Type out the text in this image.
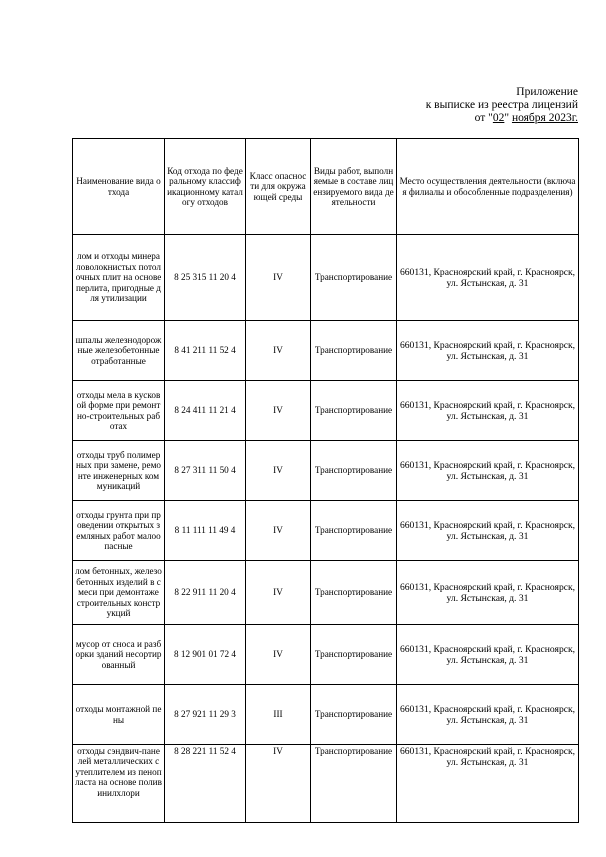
Приложение
к выписке из реестра лицензий
от "02" ноября 2023г.
Наименование вида отхода	Код отхода по федеральному классификационному каталогу отходов	Класс опасности для окружающей среды	Виды работ, выполняемые в составе лицензируемого вида деятельности	Место осуществления деятельности (включая филиалы и обособленные подразделения)
лом и отходы минераловолокнистых потолочных плит на основе перлита, пригодные для утилизации	8 25 315 11 20 4	IV	Транспортирование	660131, Красноярский край, г. Красноярск, ул. Ястынская, д. 31
шпалы железнодорожные железобетонные отработанные	8 41 211 11 52 4	IV	Транспортирование	660131, Красноярский край, г. Красноярск, ул. Ястынская, д. 31
отходы мела в кусковой форме при ремонтно-строительных работах	8 24 411 11 21 4	IV	Транспортирование	660131, Красноярский край, г. Красноярск, ул. Ястынская, д. 31
отходы труб полимерных при замене, ремонте инженерных коммуникаций	8 27 311 11 50 4	IV	Транспортирование	660131, Красноярский край, г. Красноярск, ул. Ястынская, д. 31
отходы грунта при проведении открытых земляных работ малоопасные	8 11 111 11 49 4	IV	Транспортирование	660131, Красноярский край, г. Красноярск, ул. Ястынская, д. 31
лом бетонных, железобетонных изделий в смеси при демонтаже строительных конструкций	8 22 911 11 20 4	IV	Транспортирование	660131, Красноярский край, г. Красноярск, ул. Ястынская, д. 31
мусор от сноса и разборки зданий несортированный	8 12 901 01 72 4	IV	Транспортирование	660131, Красноярский край, г. Красноярск, ул. Ястынская, д. 31
отходы монтажной пены	8 27 921 11 29 3	III	Транспортирование	660131, Красноярский край, г. Красноярск, ул. Ястынская, д. 31
отходы сэндвич-панелей металлических с утеплителем из пенопласта на основе поливинилхлори	8 28 221 11 52 4	IV	Транспортирование	660131, Красноярский край, г. Красноярск, ул. Ястынская, д. 31
